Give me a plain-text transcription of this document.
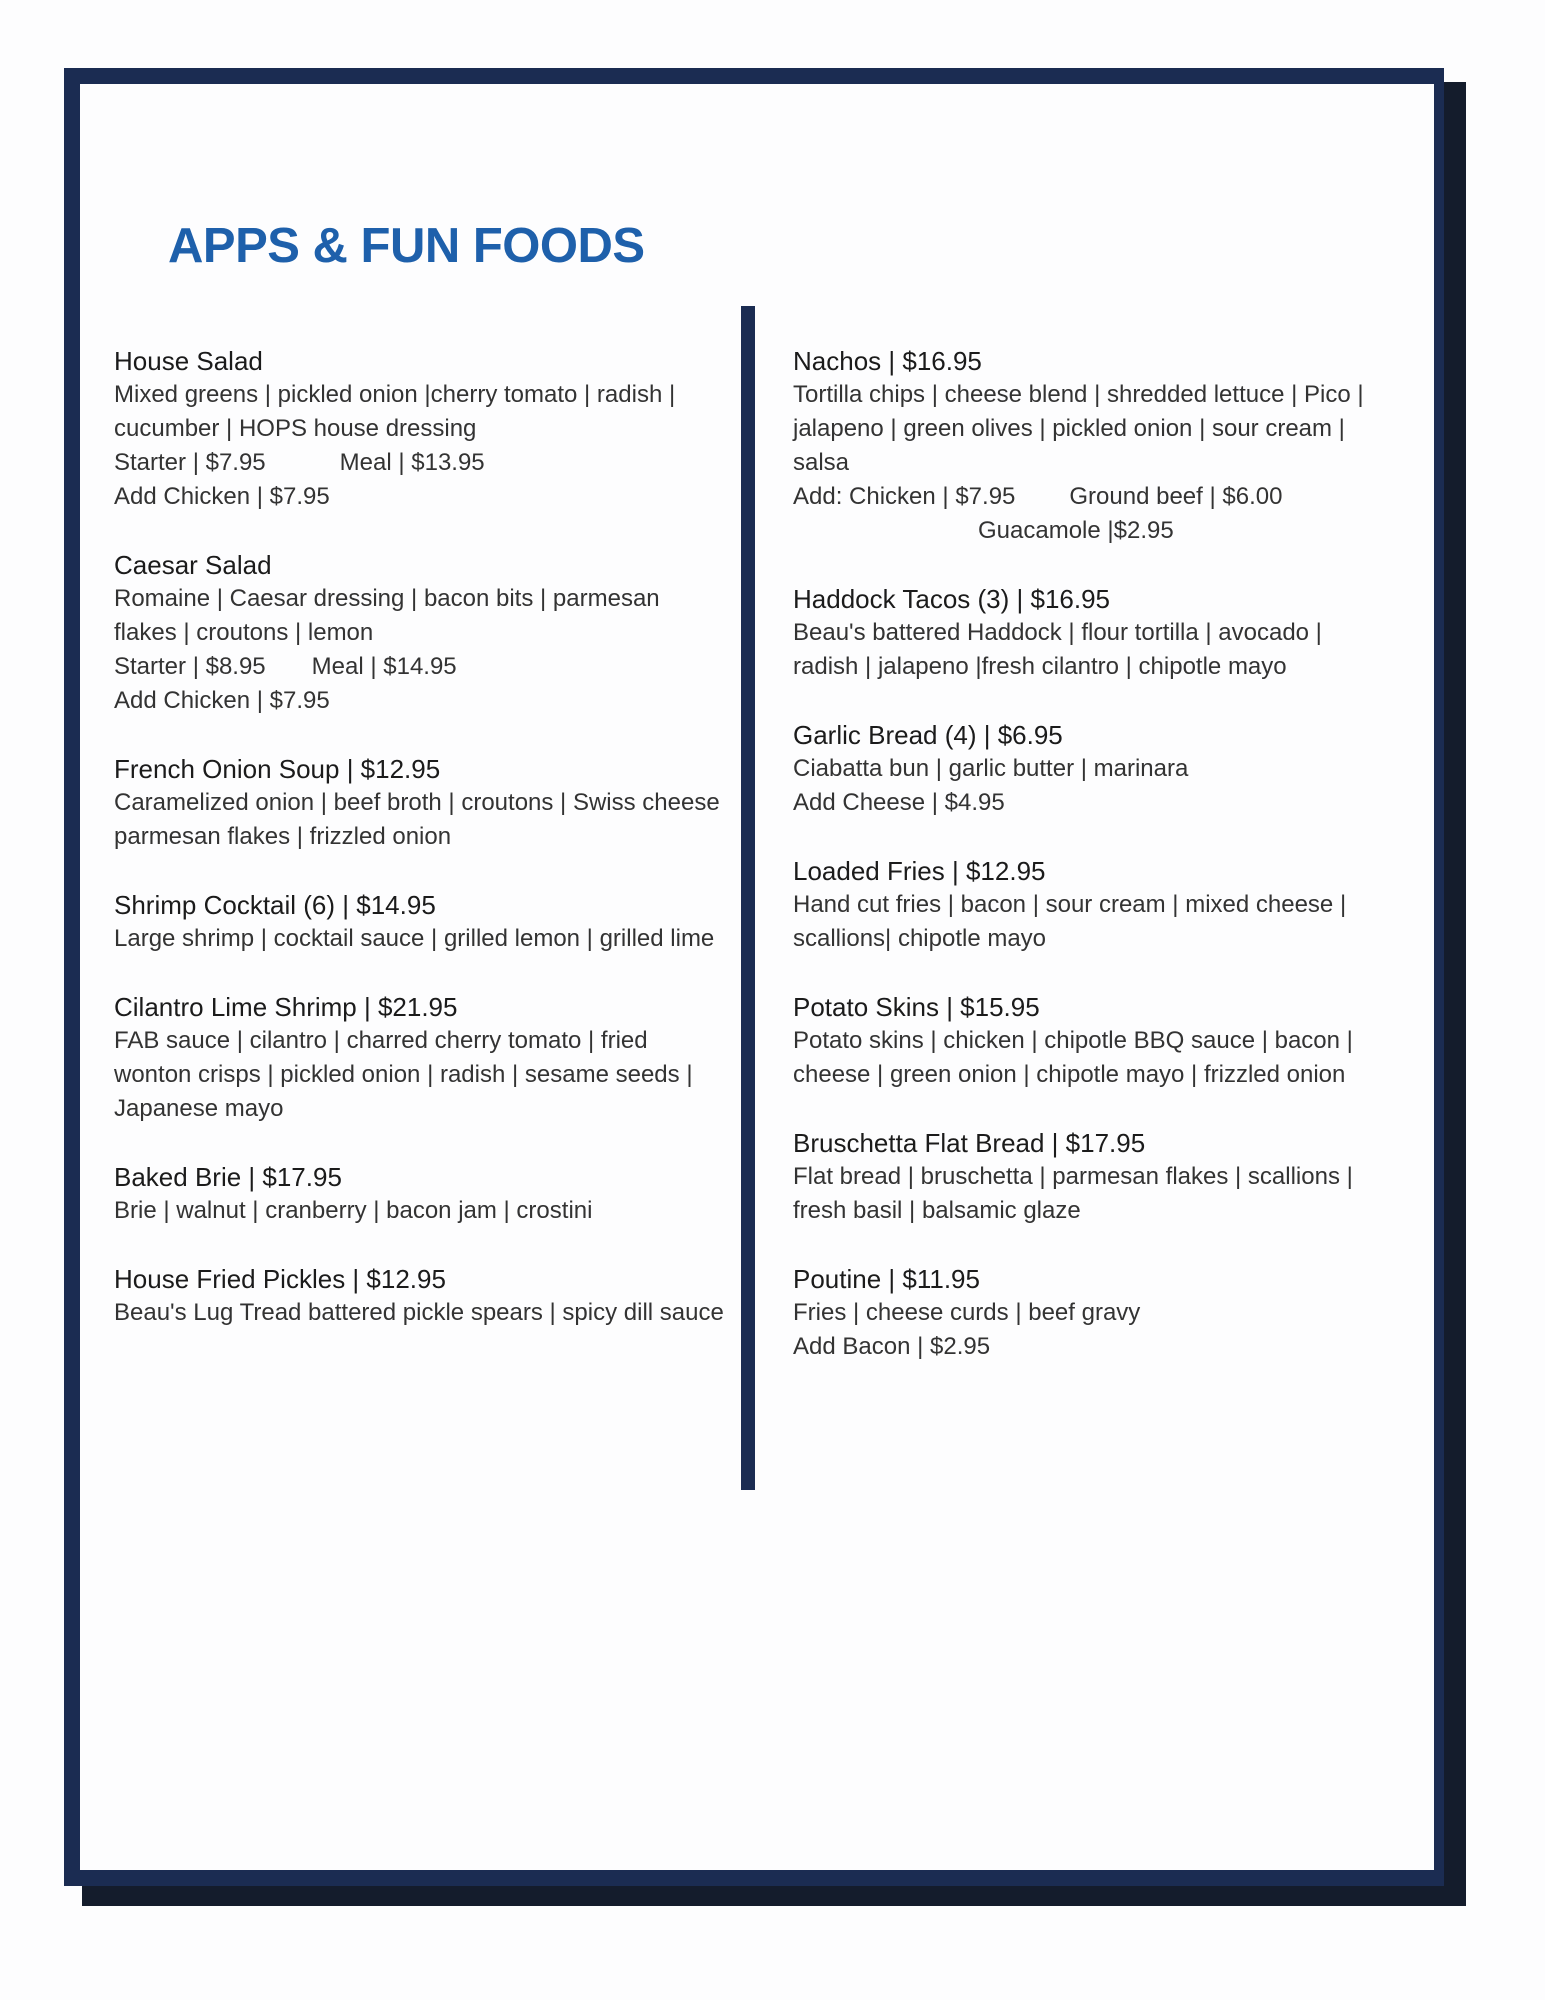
APPS & FUN FOODS
House Salad
Mixed greens | pickled onion |cherry tomato | radish | cucumber | HOPS house dressing
Starter | $7.95	Meal | $13.95
Add Chicken | $7.95
Caesar Salad
Romaine | Caesar dressing | bacon bits | parmesan flakes | croutons | lemon
Starter | $8.95 Meal | $14.95
Add Chicken | $7.95
French Onion Soup | $12.95
Caramelized onion | beef broth | croutons | Swiss cheese parmesan flakes | frizzled onion
Shrimp Cocktail (6) | $14.95
Large shrimp | cocktail sauce | grilled lemon | grilled lime
Cilantro Lime Shrimp | $21.95
FAB sauce | cilantro | charred cherry tomato | fried wonton crisps | pickled onion | radish | sesame seeds | Japanese mayo
Baked Brie | $17.95
Brie | walnut | cranberry | bacon jam | crostini
House Fried Pickles | $12.95
Beau's Lug Tread battered pickle spears | spicy dill sauce
Nachos | $16.95
Tortilla chips | cheese blend | shredded lettuce | Pico | jalapeno | green olives | pickled onion | sour cream | salsa
Add: Chicken | $7.95 Ground beef | $6.00
Guacamole |$2.95
Haddock Tacos (3) | $16.95
Beau's battered Haddock | flour tortilla | avocado | radish | jalapeno |fresh cilantro | chipotle mayo
Garlic Bread (4) | $6.95
Ciabatta bun | garlic butter | marinara
Add Cheese | $4.95
Loaded Fries | $12.95
Hand cut fries | bacon | sour cream | mixed cheese | scallions| chipotle mayo
Potato Skins | $15.95
Potato skins | chicken | chipotle BBQ sauce | bacon | cheese | green onion | chipotle mayo | frizzled onion
Bruschetta Flat Bread | $17.95
Flat bread | bruschetta | parmesan flakes | scallions | fresh basil | balsamic glaze
Poutine | $11.95
Fries | cheese curds | beef gravy
Add Bacon | $2.95
